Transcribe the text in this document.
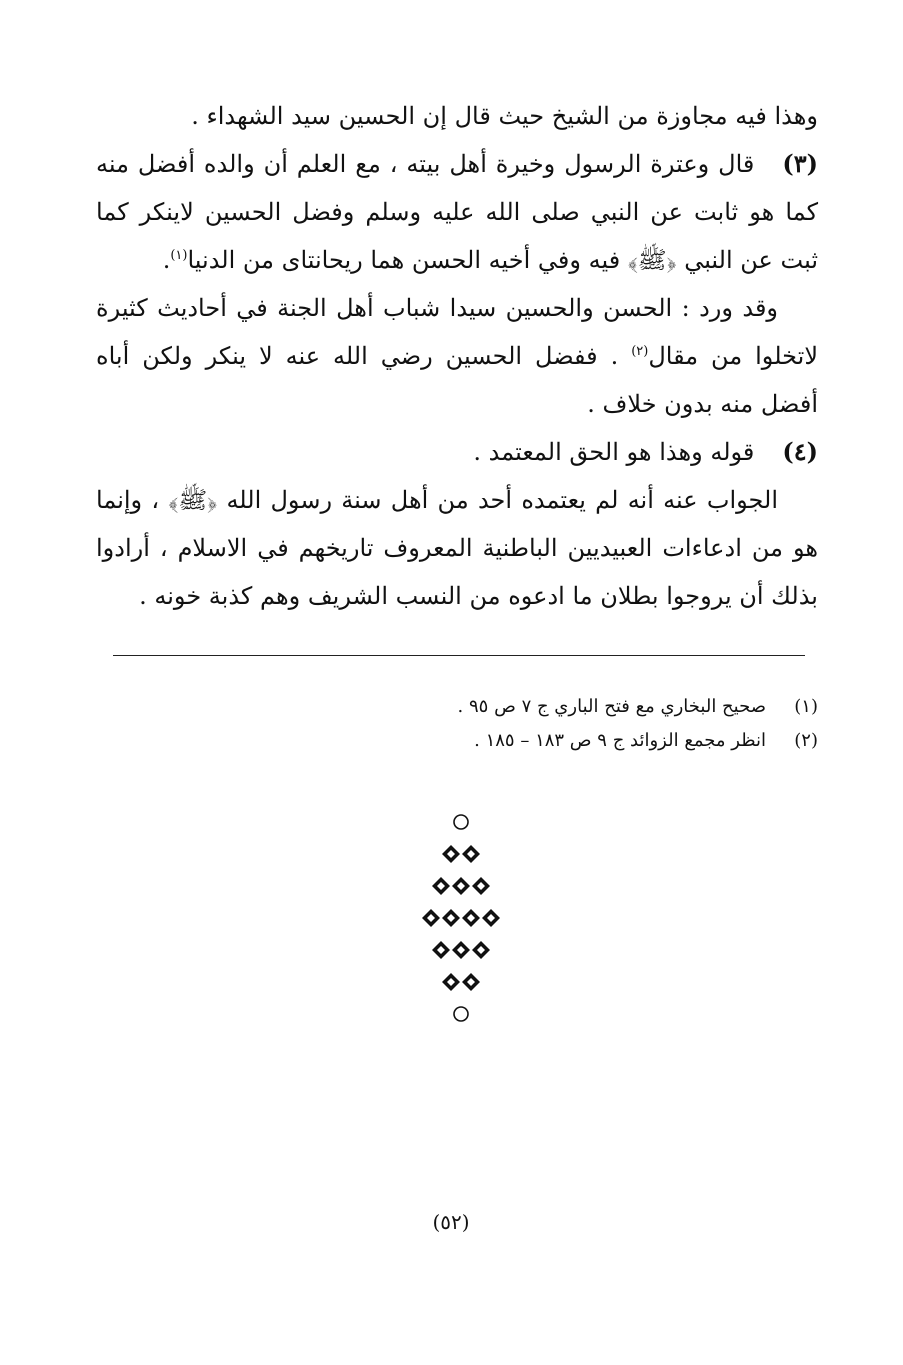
وهذا فيه مجاوزة من الشيخ حيث قال إن الحسين سيد الشهداء .

(٣)قال وعترة الرسول وخيرة أهل بيته ، مع العلم أن والده أفضل منه كما هو ثابت عن النبي صلى الله عليه وسلم وفضل الحسين لاينكر كما ثبت عن النبي ﴿ﷺ﴾ فيه وفي أخيه الحسن هما ريحانتاى من الدنيا$^{(١)}$.

وقد ورد : الحسن والحسين سيدا شباب أهل الجنة في أحاديث كثيرة لاتخلوا من مقال$^{(٢)}$ . ففضل الحسين رضي الله عنه لا ينكر ولكن أباه أفضل منه بدون خلاف .

(٤)قوله وهذا هو الحق المعتمد .

الجواب عنه أنه لم يعتمده أحد من أهل سنة رسول الله ﴿ﷺ﴾ ، وإنما هو من ادعاءات العبيديين الباطنية المعروف تاريخهم في الاسلام ، أرادوا بذلك أن يروجوا بطلان ما ادعوه من النسب الشريف وهم كذبة خونه .

(١)صحيح البخاري مع فتح الباري ج ٧ ص ٩٥ .
(٢)انظر مجمع الزوائد ج ٩ ص ١٨٣ – ١٨٥ .
(٥٢)
